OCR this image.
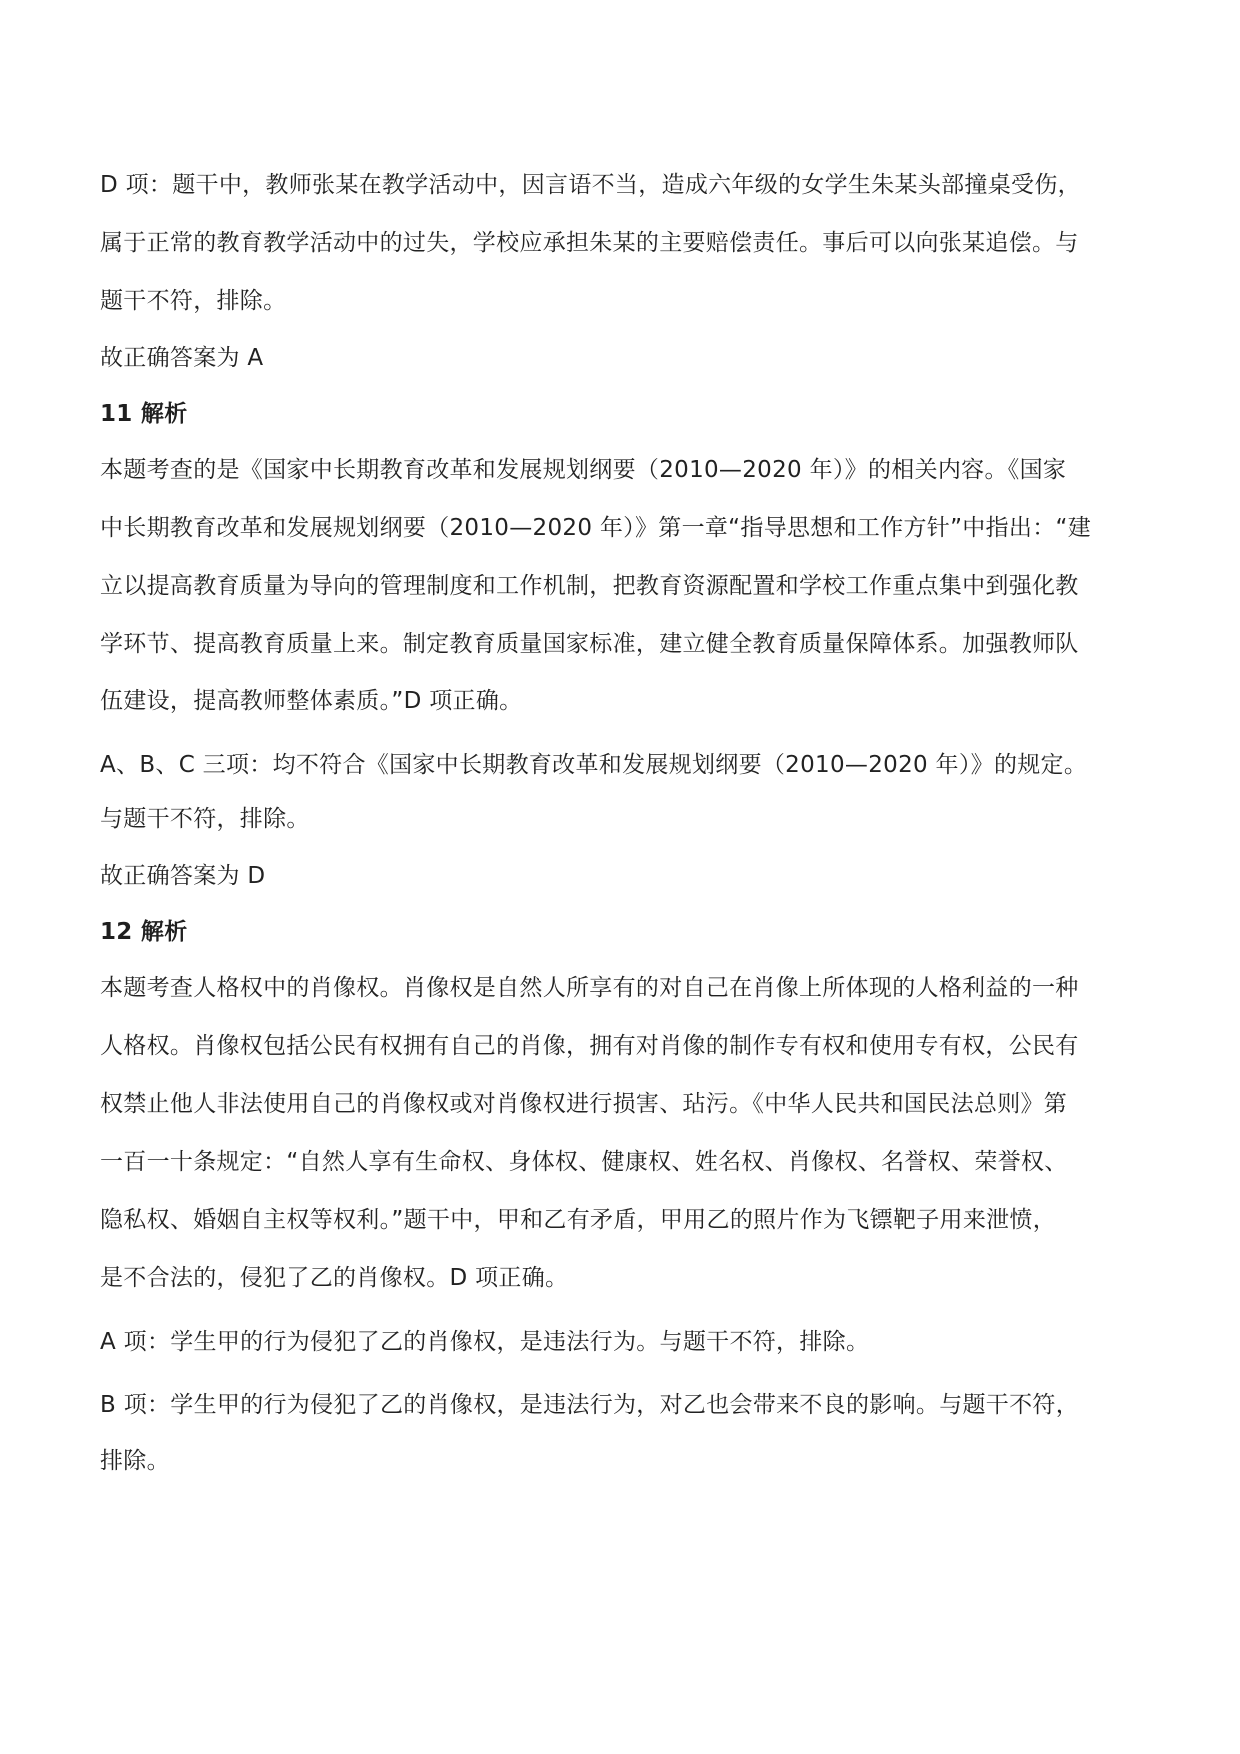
D 项：题干中，教师张某在教学活动中，因言语不当，造成六年级的女学生朱某头部撞桌受伤，

属于正常的教育教学活动中的过失，学校应承担朱某的主要赔偿责任。事后可以向张某追偿。与

题干不符，排除。

故正确答案为 A

11 解析

本题考查的是《国家中长期教育改革和发展规划纲要（2010—2020 年）》的相关内容。《国家

中长期教育改革和发展规划纲要（2010—2020 年）》第一章“指导思想和工作方针”中指出：“建

立以提高教育质量为导向的管理制度和工作机制，把教育资源配置和学校工作重点集中到强化教

学环节、提高教育质量上来。制定教育质量国家标准，建立健全教育质量保障体系。加强教师队

伍建设，提高教师整体素质。”D 项正确。

A、B、C 三项：均不符合《国家中长期教育改革和发展规划纲要（2010—2020 年）》的规定。

与题干不符，排除。

故正确答案为 D

12 解析

本题考查人格权中的肖像权。肖像权是自然人所享有的对自己在肖像上所体现的人格利益的一种

人格权。肖像权包括公民有权拥有自己的肖像，拥有对肖像的制作专有权和使用专有权，公民有

权禁止他人非法使用自己的肖像权或对肖像权进行损害、玷污。《中华人民共和国民法总则》第

一百一十条规定：“自然人享有生命权、身体权、健康权、姓名权、肖像权、名誉权、荣誉权、

隐私权、婚姻自主权等权利。”题干中，甲和乙有矛盾，甲用乙的照片作为飞镖靶子用来泄愤，

是不合法的，侵犯了乙的肖像权。D 项正确。

A 项：学生甲的行为侵犯了乙的肖像权，是违法行为。与题干不符，排除。

B 项：学生甲的行为侵犯了乙的肖像权，是违法行为，对乙也会带来不良的影响。与题干不符，

排除。
